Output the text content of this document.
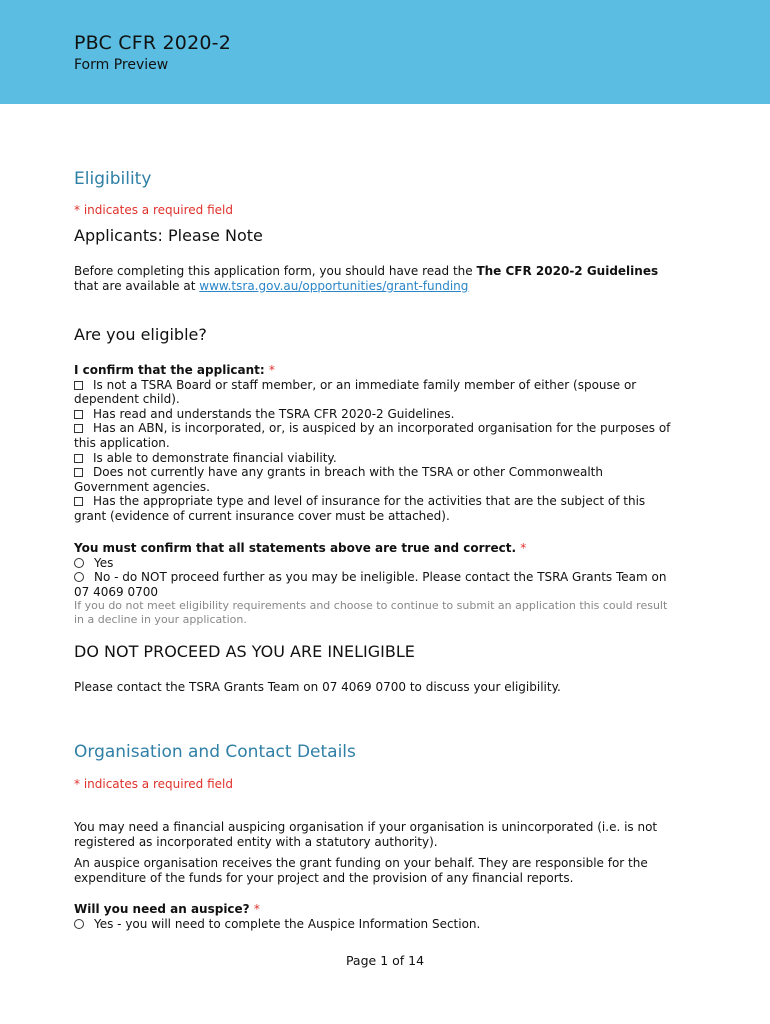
PBC CFR 2020-2
Form Preview
Eligibility
* indicates a required field
Applicants: Please Note
Before completing this application form, you should have read the The CFR 2020-2 Guidelines that are available at www.tsra.gov.au/opportunities/grant-funding
Are you eligible?
I confirm that the applicant: *
Is not a TSRA Board or staff member, or an immediate family member of either (spouse or dependent child).
Has read and understands the TSRA CFR 2020-2 Guidelines.
Has an ABN, is incorporated, or, is auspiced by an incorporated organisation for the purposes of this application.
Is able to demonstrate financial viability.
Does not currently have any grants in breach with the TSRA or other Commonwealth Government agencies.
Has the appropriate type and level of insurance for the activities that are the subject of this grant (evidence of current insurance cover must be attached).
You must confirm that all statements above are true and correct. *
Yes
No - do NOT proceed further as you may be ineligible. Please contact the TSRA Grants Team on 07 4069 0700
If you do not meet eligibility requirements and choose to continue to submit an application this could result in a decline in your application.
DO NOT PROCEED AS YOU ARE INELIGIBLE
Please contact the TSRA Grants Team on 07 4069 0700 to discuss your eligibility.
Organisation and Contact Details
* indicates a required field
You may need a financial auspicing organisation if your organisation is unincorporated (i.e. is not registered as incorporated entity with a statutory authority).
An auspice organisation receives the grant funding on your behalf. They are responsible for the expenditure of the funds for your project and the provision of any financial reports.
Will you need an auspice? *
Yes - you will need to complete the Auspice Information Section.
Page 1 of 14
